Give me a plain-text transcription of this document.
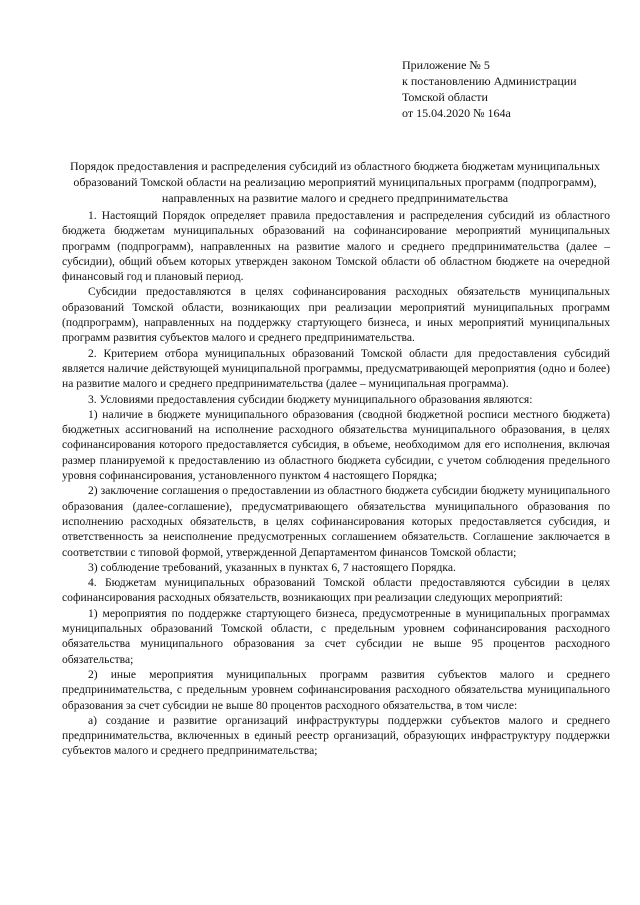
Приложение № 5
к постановлению Администрации
Томской области
от 15.04.2020 № 164а
Порядок предоставления и распределения субсидий из областного бюджета бюджетам муниципальных образований Томской области на реализацию мероприятий муниципальных программ (подпрограмм), направленных на развитие малого и среднего предпринимательства

1. Настоящий Порядок определяет правила предоставления и распределения субсидий из областного бюджета бюджетам муниципальных образований на софинансирование мероприятий муниципальных программ (подпрограмм), направленных на развитие малого и среднего предпринимательства (далее – субсидии), общий объем которых утвержден законом Томской области об областном бюджете на очередной финансовый год и плановый период.

Субсидии предоставляются в целях софинансирования расходных обязательств муниципальных образований Томской области, возникающих при реализации мероприятий муниципальных программ (подпрограмм), направленных на поддержку стартующего бизнеса, и иных мероприятий муниципальных программ развития субъектов малого и среднего предпринимательства.

2. Критерием отбора муниципальных образований Томской области для предоставления субсидий является наличие действующей муниципальной программы, предусматривающей мероприятия (одно и более) на развитие малого и среднего предпринимательства (далее – муниципальная программа).

3. Условиями предоставления субсидии бюджету муниципального образования являются:

1) наличие в бюджете муниципального образования (сводной бюджетной росписи местного бюджета) бюджетных ассигнований на исполнение расходного обязательства муниципального образования, в целях софинансирования которого предоставляется субсидия, в объеме, необходимом для его исполнения, включая размер планируемой к предоставлению из областного бюджета субсидии, с учетом соблюдения предельного уровня софинансирования, установленного пунктом 4 настоящего Порядка;

2) заключение соглашения о предоставлении из областного бюджета субсидии бюджету муниципального образования (далее-соглашение), предусматривающего обязательства муниципального образования по исполнению расходных обязательств, в целях софинансирования которых предоставляется субсидия, и ответственность за неисполнение предусмотренных соглашением обязательств. Соглашение заключается в соответствии с типовой формой, утвержденной Департаментом финансов Томской области;

3) соблюдение требований, указанных в пунктах 6, 7 настоящего Порядка.

4. Бюджетам муниципальных образований Томской области предоставляются субсидии в целях софинансирования расходных обязательств, возникающих при реализации следующих мероприятий:

1) мероприятия по поддержке стартующего бизнеса, предусмотренные в муниципальных программах муниципальных образований Томской области, с предельным уровнем софинансирования расходного обязательства муниципального образования за счет субсидии не выше 95 процентов расходного обязательства;

2) иные мероприятия муниципальных программ развития субъектов малого и среднего предпринимательства, с предельным уровнем софинансирования расходного обязательства муниципального образования за счет субсидии не выше 80 процентов расходного обязательства, в том числе:

а) создание и развитие организаций инфраструктуры поддержки субъектов малого и среднего предпринимательства, включенных в единый реестр организаций, образующих инфраструктуру поддержки субъектов малого и среднего предпринимательства;
